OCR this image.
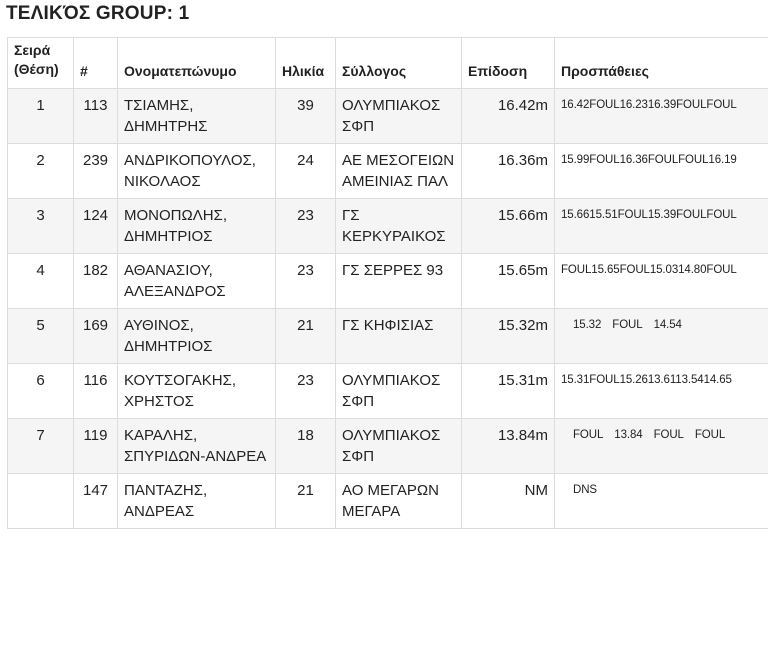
ΤΕΛΙΚΌΣ GROUP: 1
Σειρά (Θέση)	#	Ονοματεπώνυμο	Ηλικία	Σύλλογος	Επίδοση	Προσπάθειες
1	113	ΤΣΙΑΜΗΣ, ΔΗΜΗΤΡΗΣ	39	ΟΛΥΜΠΙΑΚΟΣ ΣΦΠ	16.42m	16.42FOUL16.2316.39FOULFOUL
2	239	ΑΝΔΡΙΚΟΠΟΥΛΟΣ, ΝΙΚΟΛΑΟΣ	24	ΑΕ ΜΕΣΟΓΕΙΩΝ ΑΜΕΙΝΙΑΣ ΠΑΛ	16.36m	15.99FOUL16.36FOULFOUL16.19
3	124	ΜΟΝΟΠΩΛΗΣ, ΔΗΜΗΤΡΙΟΣ	23	ΓΣ ΚΕΡΚΥΡΑΙΚΟΣ	15.66m	15.6615.51FOUL15.39FOULFOUL
4	182	ΑΘΑΝΑΣΙΟΥ, ΑΛΕΞΑΝΔΡΟΣ	23	ΓΣ ΣΕΡΡΕΣ 93	15.65m	FOUL15.65FOUL15.0314.80FOUL
5	169	ΑΥΘΙΝΟΣ, ΔΗΜΗΤΡΙΟΣ	21	ΓΣ ΚΗΦΙΣΙΑΣ	15.32m	15.32 FOUL 14.54
6	116	ΚΟΥΤΣΟΓΑΚΗΣ, ΧΡΗΣΤΟΣ	23	ΟΛΥΜΠΙΑΚΟΣ ΣΦΠ	15.31m	15.31FOUL15.2613.6113.5414.65
7	119	ΚΑΡΑΛΗΣ, ΣΠΥΡΙΔΩΝ-ΑΝΔΡΕΑ	18	ΟΛΥΜΠΙΑΚΟΣ ΣΦΠ	13.84m	FOUL 13.84 FOUL FOUL
	147	ΠΑΝΤΑΖΗΣ, ΑΝΔΡΕΑΣ	21	ΑΟ ΜΕΓΑΡΩΝ ΜΕΓΑΡΑ	NM	DNS
